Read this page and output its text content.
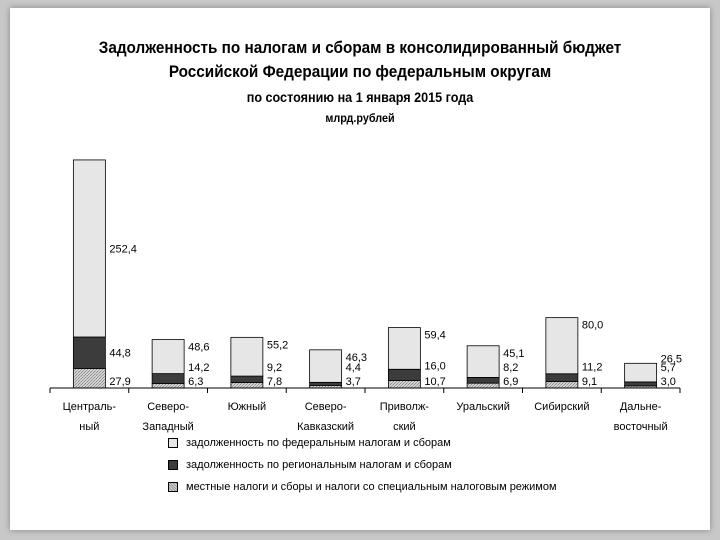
Задолженность по налогам и сборам в консолидированный бюджет
Российской Федерации по федеральным округам
по состоянию на 1 января 2015 года
млрд.рублей
27,9
44,8
252,4
6,3
14,2
48,6
7,8
9,2
55,2
3,7
4,4
46,3
10,7
16,0
59,4
6,9
8,2
45,1
9,1
11,2
80,0
3,0
5,7
26,5
Централь-
ный
Северо-
Западный
Южный	Северо-
Кавказский
Приволж-
ский
Уральский Сибирский	Дальне-
восточный
задолженность по федеральным налогам и сборам
задолженность по региональным налогам и сборам
местные налоги и сборы и налоги со специальным налоговым режимом
